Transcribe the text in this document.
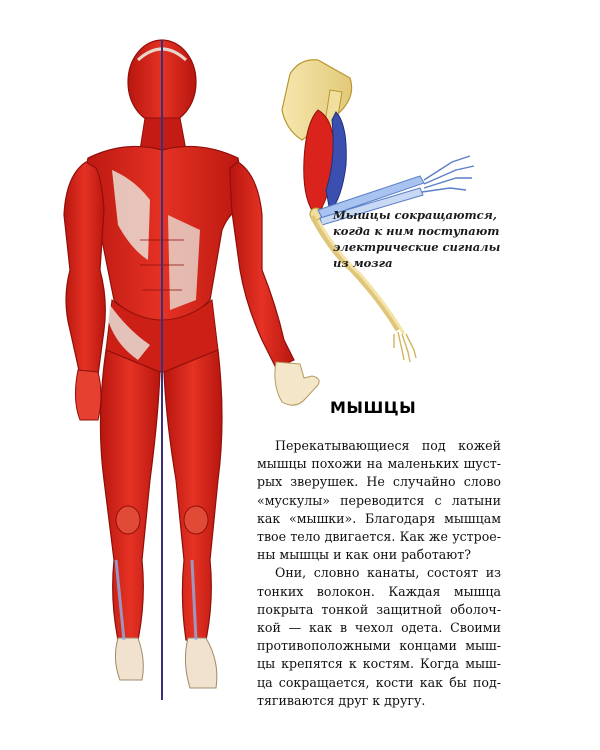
Мышцы сокращаются,
когда к ним поступают
электрические сигналы
из мозга
МЫШЦЫ
Перекатывающиеся под кожей
мышцы похожи на маленьких шуст-
рых зверушек. Не случайно слово
«мускулы» переводится с латыни
как «мышки». Благодаря мышцам
твое тело двигается. Как же устрое-
ны мышцы и как они работают?
Они, словно канаты, состоят из
тонких волокон. Каждая мышца
покрыта тонкой защитной оболоч-
кой — как в чехол одета. Своими
противоположными концами мыш-
цы крепятся к костям. Когда мыш-
ца сокращается, кости как бы под-
тягиваются друг к другу.
